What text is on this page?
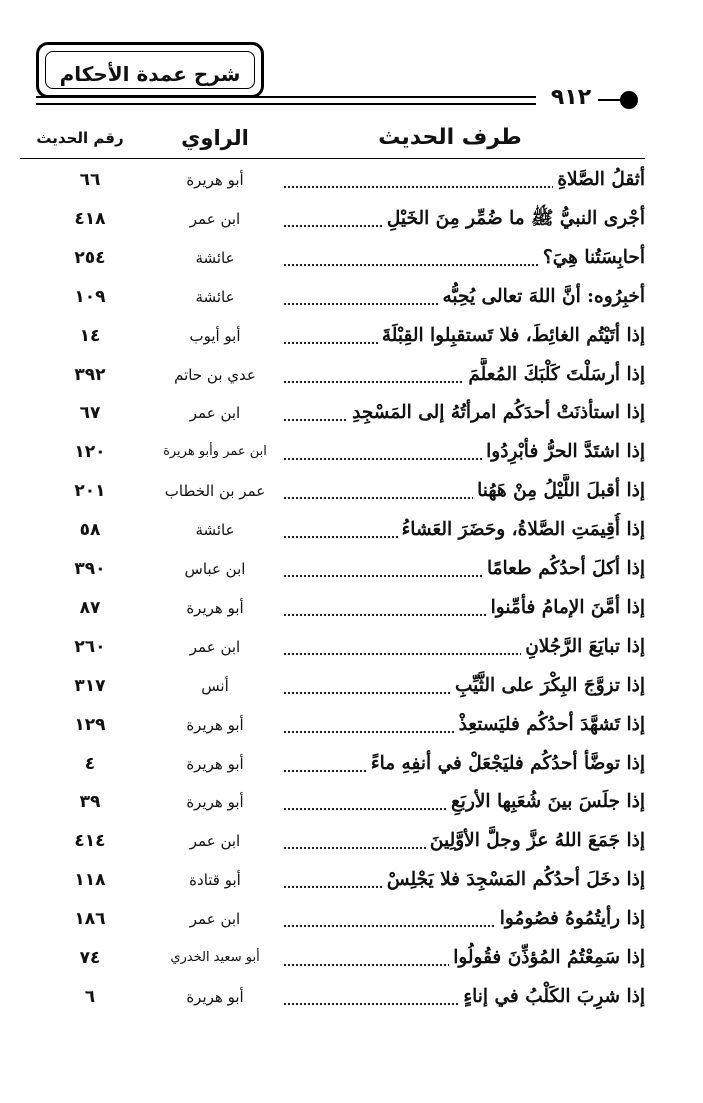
شرح عمدة الأحكام
٩١٢
طرف الحديث
الراوي
رقم الحديث
أثقلُ الصَّلاةِ
أبو هريرة
٦٦
أجْرى النبيُّ ﷺ ما ضُمِّر مِنَ الخَيْلِ
ابن عمر
٤١٨
أحابِسَتُنا هِيَ؟
عائشة
٢٥٤
أخبِرُوه: أنَّ اللهَ تعالى يُحِبُّه
عائشة
١٠٩
إذا أتَيْتُم الغائِطَ، فلا تَستقبِلوا القِبْلَةَ
أبو أيوب
١٤
إذا أرسَلْتَ كَلْبَكَ المُعلَّمَ
عدي بن حاتم
٣٩٢
إذا استأذنَتْ أحدَكُم امرأتُهُ إلى المَسْجِدِ
ابن عمر
٦٧
إذا اشتَدَّ الحرُّ فأبْرِدُوا
ابن عمر وأبو هريرة
١٢٠
إذا أقبلَ اللَّيْلُ مِنْ هَهُنا
عمر بن الخطاب
٢٠١
إذا أُقِيمَتِ الصَّلاةُ، وحَضَرَ العَشاءُ
عائشة
٥٨
إذا أكلَ أحدُكُم طعامًا
ابن عباس
٣٩٠
إذا أمَّنَ الإمامُ فأمِّنوا
أبو هريرة
٨٧
إذا تبايَعَ الرَّجُلانِ
ابن عمر
٢٦٠
إذا تزوَّجَ البِكْرَ على الثَّيِّبِ
أنس
٣١٧
إذا تَشهَّدَ أحدُكُم فليَستعِذْ
أبو هريرة
١٢٩
إذا توضَّأ أحدُكُم فليَجْعَلْ في أنفِهِ ماءً
أبو هريرة
٤
إذا جلَسَ بينَ شُعَبِها الأربَعِ
أبو هريرة
٣٩
إذا جَمَعَ اللهُ عزَّ وجلَّ الأوَّلِينَ
ابن عمر
٤١٤
إذا دخَلَ أحدُكُم المَسْجِدَ فلا يَجْلِسْ
أبو قتادة
١١٨
إذا رأيتُمُوهُ فصُومُوا
ابن عمر
١٨٦
إذا سَمِعْتُمُ المُؤذِّنَ فقُولُوا
أبو سعيد الخدري
٧٤
إذا شرِبَ الكَلْبُ في إناءٍ
أبو هريرة
٦
